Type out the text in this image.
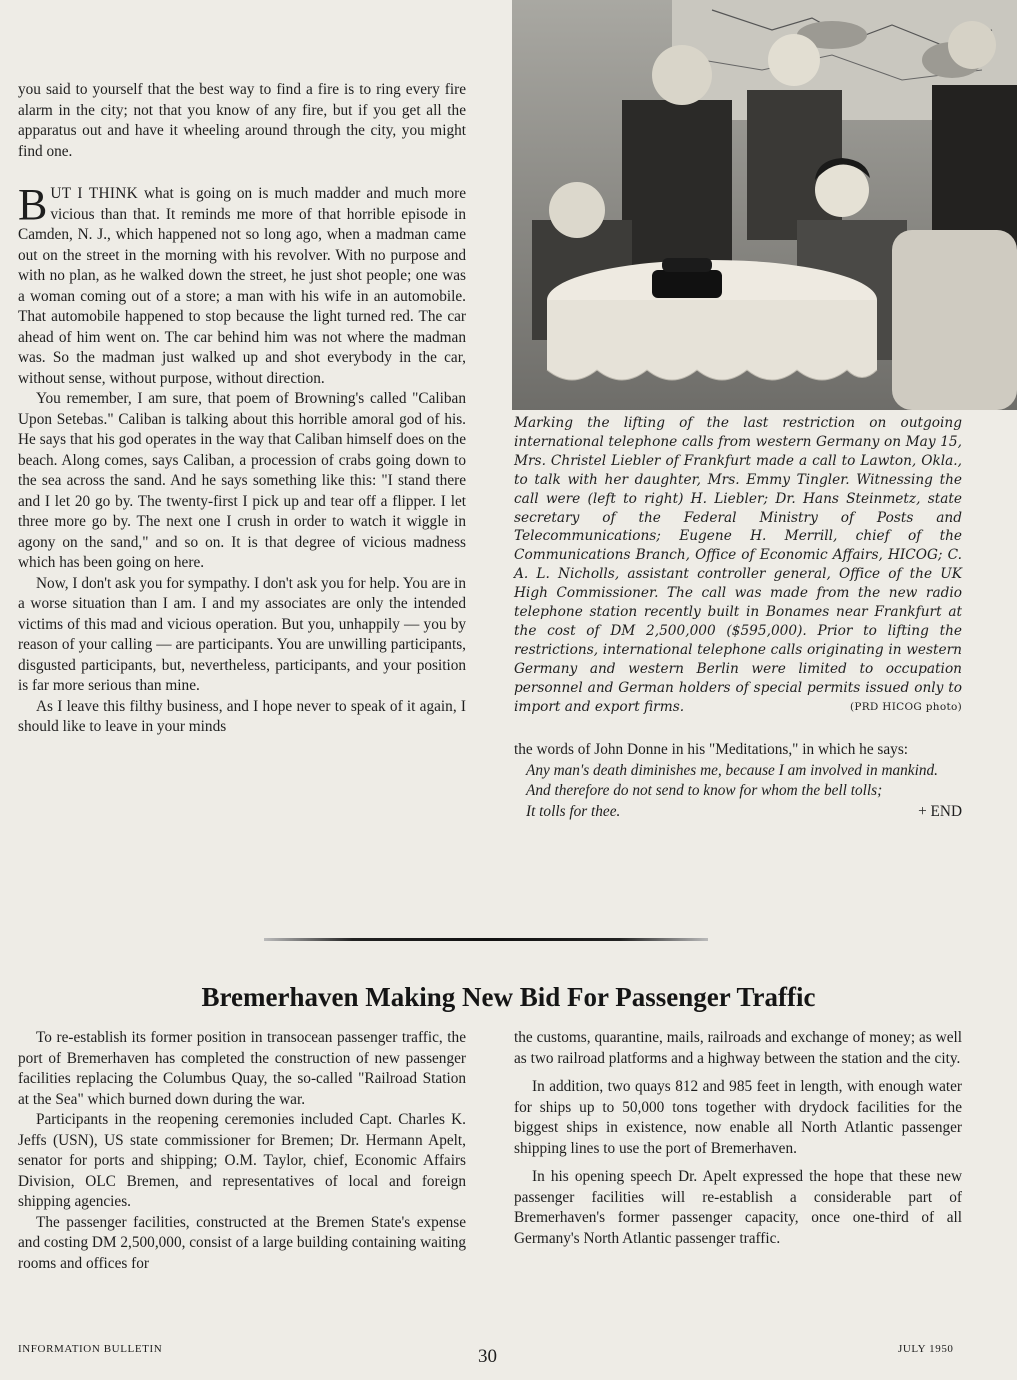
you said to yourself that the best way to find a fire is to ring every fire alarm in the city; not that you know of any fire, but if you get all the apparatus out and have it wheeling around through the city, you might find one.

BUT I THINK what is going on is much madder and much more vicious than that. It reminds me more of that horrible episode in Camden, N. J., which happened not so long ago, when a madman came out on the street in the morning with his revolver. With no purpose and with no plan, as he walked down the street, he just shot people; one was a woman coming out of a store; a man with his wife in an automobile. That automobile happened to stop because the light turned red. The car ahead of him went on. The car behind him was not where the madman was. So the madman just walked up and shot everybody in the car, without sense, without purpose, without direction.

You remember, I am sure, that poem of Browning's called "Caliban Upon Setebas." Caliban is talking about this horrible amoral god of his. He says that his god operates in the way that Caliban himself does on the beach. Along comes, says Caliban, a procession of crabs going down to the sea across the sand. And he says something like this: "I stand there and I let 20 go by. The twenty-first I pick up and tear off a flipper. I let three more go by. The next one I crush in order to watch it wiggle in agony on the sand," and so on. It is that degree of vicious madness which has been going on here.

Now, I don't ask you for sympathy. I don't ask you for help. You are in a worse situation than I am. I and my associates are only the intended victims of this mad and vicious operation. But you, unhappily — you by reason of your calling — are participants. You are unwilling participants, disgusted participants, but, nevertheless, participants, and your position is far more serious than mine.

As I leave this filthy business, and I hope never to speak of it again, I should like to leave in your minds

Marking the lifting of the last restriction on outgoing international telephone calls from western Germany on May 15, Mrs. Christel Liebler of Frankfurt made a call to Lawton, Okla., to talk with her daughter, Mrs. Emmy Tingler. Witnessing the call were (left to right) H. Liebler; Dr. Hans Steinmetz, state secretary of the Federal Ministry of Posts and Telecommunications; Eugene H. Merrill, chief of the Communications Branch, Office of Economic Affairs, HICOG; C. A. L. Nicholls, assistant controller general, Office of the UK High Commissioner. The call was made from the new radio telephone station recently built in Bonames near Frankfurt at the cost of DM 2,500,000 ($595,000). Prior to lifting the restrictions, international telephone calls originating in western Germany and western Berlin were limited to occupation personnel and German holders of special permits issued only to import and export firms.	(PRD HICOG photo)

the words of John Donne in his "Meditations," in which he says:

Any man's death diminishes me, because I am involved in mankind.
And therefore do not send to know for whom the bell tolls;
It tolls for thee.	+ END
Bremerhaven Making New Bid For Passenger Traffic

To re-establish its former position in transocean passenger traffic, the port of Bremerhaven has completed the construction of new passenger facilities replacing the Columbus Quay, the so-called "Railroad Station at the Sea" which burned down during the war.

Participants in the reopening ceremonies included Capt. Charles K. Jeffs (USN), US state commissioner for Bremen; Dr. Hermann Apelt, senator for ports and shipping; O.M. Taylor, chief, Economic Affairs Division, OLC Bremen, and representatives of local and foreign shipping agencies.

The passenger facilities, constructed at the Bremen State's expense and costing DM 2,500,000, consist of a large building containing waiting rooms and offices for

the customs, quarantine, mails, railroads and exchange of money; as well as two railroad platforms and a highway between the station and the city.

In addition, two quays 812 and 985 feet in length, with enough water for ships up to 50,000 tons together with drydock facilities for the biggest ships in existence, now enable all North Atlantic passenger shipping lines to use the port of Bremerhaven.

In his opening speech Dr. Apelt expressed the hope that these new passenger facilities will re-establish a considerable part of Bremerhaven's former passenger capacity, once one-third of all Germany's North Atlantic passenger traffic.

INFORMATION BULLETIN	30	JULY 1950
